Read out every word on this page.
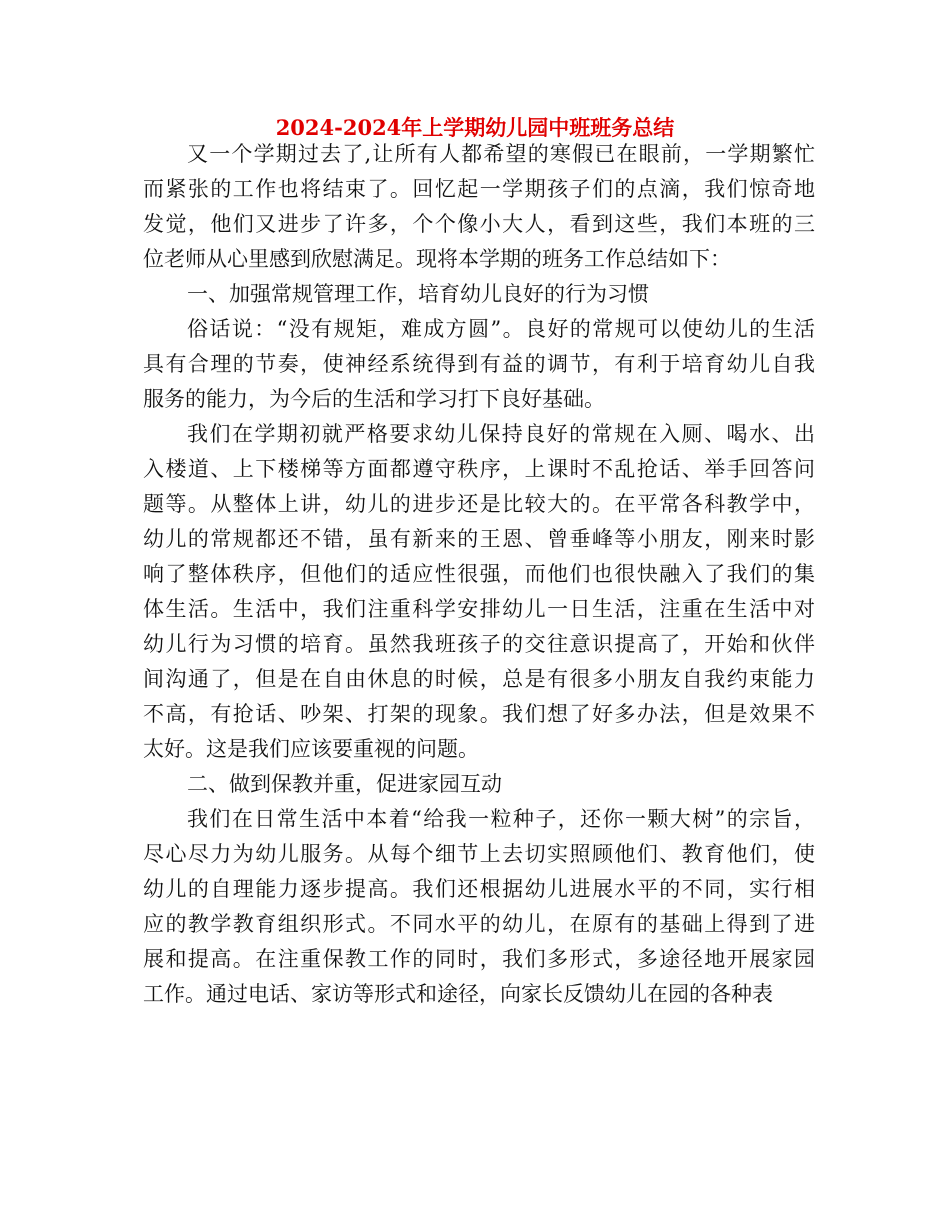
2024-2024年上学期幼儿园中班班务总结
又一个学期过去了,让所有人都希望的寒假已在眼前，一学期繁忙
而紧张的工作也将结束了。回忆起一学期孩子们的点滴，我们惊奇地
发觉，他们又进步了许多，个个像小大人，看到这些，我们本班的三
位老师从心里感到欣慰满足。现将本学期的班务工作总结如下：
一、加强常规管理工作，培育幼儿良好的行为习惯
俗话说：“没有规矩，难成方圆”。良好的常规可以使幼儿的生活
具有合理的节奏，使神经系统得到有益的调节，有利于培育幼儿自我
服务的能力，为今后的生活和学习打下良好基础。
我们在学期初就严格要求幼儿保持良好的常规在入厕、喝水、出
入楼道、上下楼梯等方面都遵守秩序，上课时不乱抢话、举手回答问
题等。从整体上讲，幼儿的进步还是比较大的。在平常各科教学中，
幼儿的常规都还不错，虽有新来的王恩、曾垂峰等小朋友，刚来时影
响了整体秩序，但他们的适应性很强，而他们也很快融入了我们的集
体生活。生活中，我们注重科学安排幼儿一日生活，注重在生活中对
幼儿行为习惯的培育。虽然我班孩子的交往意识提高了，开始和伙伴
间沟通了，但是在自由休息的时候，总是有很多小朋友自我约束能力
不高，有抢话、吵架、打架的现象。我们想了好多办法，但是效果不
太好。这是我们应该要重视的问题。
二、做到保教并重，促进家园互动
我们在日常生活中本着“给我一粒种子，还你一颗大树”的宗旨，
尽心尽力为幼儿服务。从每个细节上去切实照顾他们、教育他们，使
幼儿的自理能力逐步提高。我们还根据幼儿进展水平的不同，实行相
应的教学教育组织形式。不同水平的幼儿，在原有的基础上得到了进
展和提高。在注重保教工作的同时，我们多形式，多途径地开展家园
工作。通过电话、家访等形式和途径，向家长反馈幼儿在园的各种表
